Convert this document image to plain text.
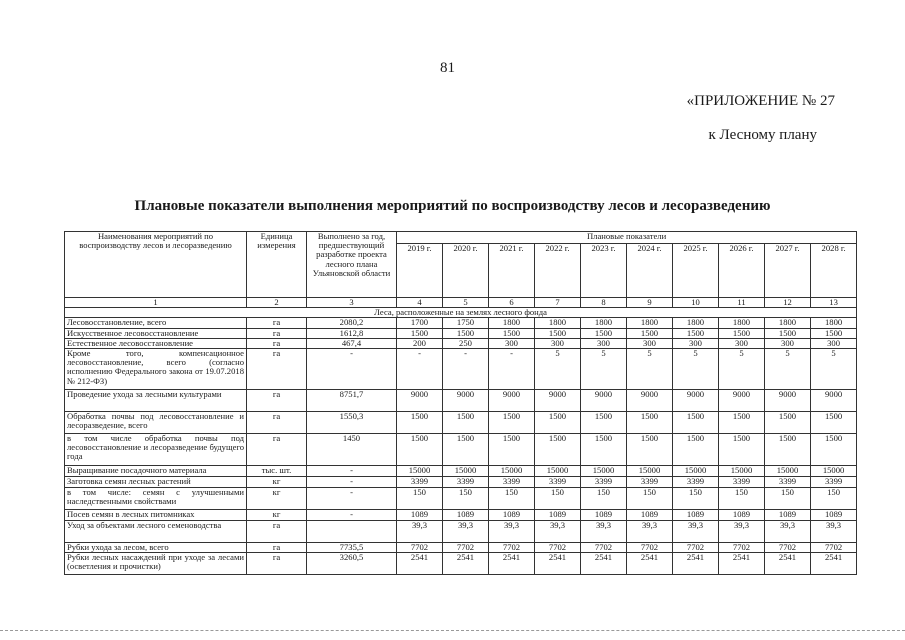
81
«ПРИЛОЖЕНИЕ № 27
к Лесному плану
Плановые показатели выполнения мероприятий по воспроизводству лесов и лесоразведению
Наименования мероприятий по воспроизводству лесов и лесоразведению	Единица измерения	Выполнено за год, предшествующий разработке проекта лесного плана Ульяновской области	Плановые показатели									
			2019 г.	2020 г.	2021 г.	2022 г.	2023 г.	2024 г.	2025 г.	2026 г.	2027 г.	2028 г.
1	2	3	4	5	6	7	8	9	10	11	12	13
Леса, расположенные на землях лесного фонда												
Лесовосстановление, всего	га	2080,2	1700	1750	1800	1800	1800	1800	1800	1800	1800	1800
Искусственное лесовосстановление	га	1612,8	1500	1500	1500	1500	1500	1500	1500	1500	1500	1500
Естественное лесовосстановление	га	467,4	200	250	300	300	300	300	300	300	300	300
Кроме того, компенсационное лесовосстановление, всего (согласно исполнению Федерального закона от 19.07.2018 № 212-ФЗ)	га	-	-	-	-	5	5	5	5	5	5	5
Проведение ухода за лесными культурами	га	8751,7	9000	9000	9000	9000	9000	9000	9000	9000	9000	9000
Обработка почвы под лесовосстановление и лесоразведение, всего	га	1550,3	1500	1500	1500	1500	1500	1500	1500	1500	1500	1500
в том числе обработка почвы под лесовосстановление и лесоразведение будущего года	га	1450	1500	1500	1500	1500	1500	1500	1500	1500	1500	1500
Выращивание посадочного материала	тыс. шт.	-	15000	15000	15000	15000	15000	15000	15000	15000	15000	15000
Заготовка семян лесных растений	кг	-	3399	3399	3399	3399	3399	3399	3399	3399	3399	3399
в том числе: семян с улучшенными наследственными свойствами	кг	-	150	150	150	150	150	150	150	150	150	150
Посев семян в лесных питомниках	кг	-	1089	1089	1089	1089	1089	1089	1089	1089	1089	1089
Уход за объектами лесного семеноводства	га		39,3	39,3	39,3	39,3	39,3	39,3	39,3	39,3	39,3	39,3
Рубки ухода за лесом, всего	га	7735,5	7702	7702	7702	7702	7702	7702	7702	7702	7702	7702
Рубки лесных насаждений при уходе за лесами (осветления и прочистки)	га	3260,5	2541	2541	2541	2541	2541	2541	2541	2541	2541	2541
